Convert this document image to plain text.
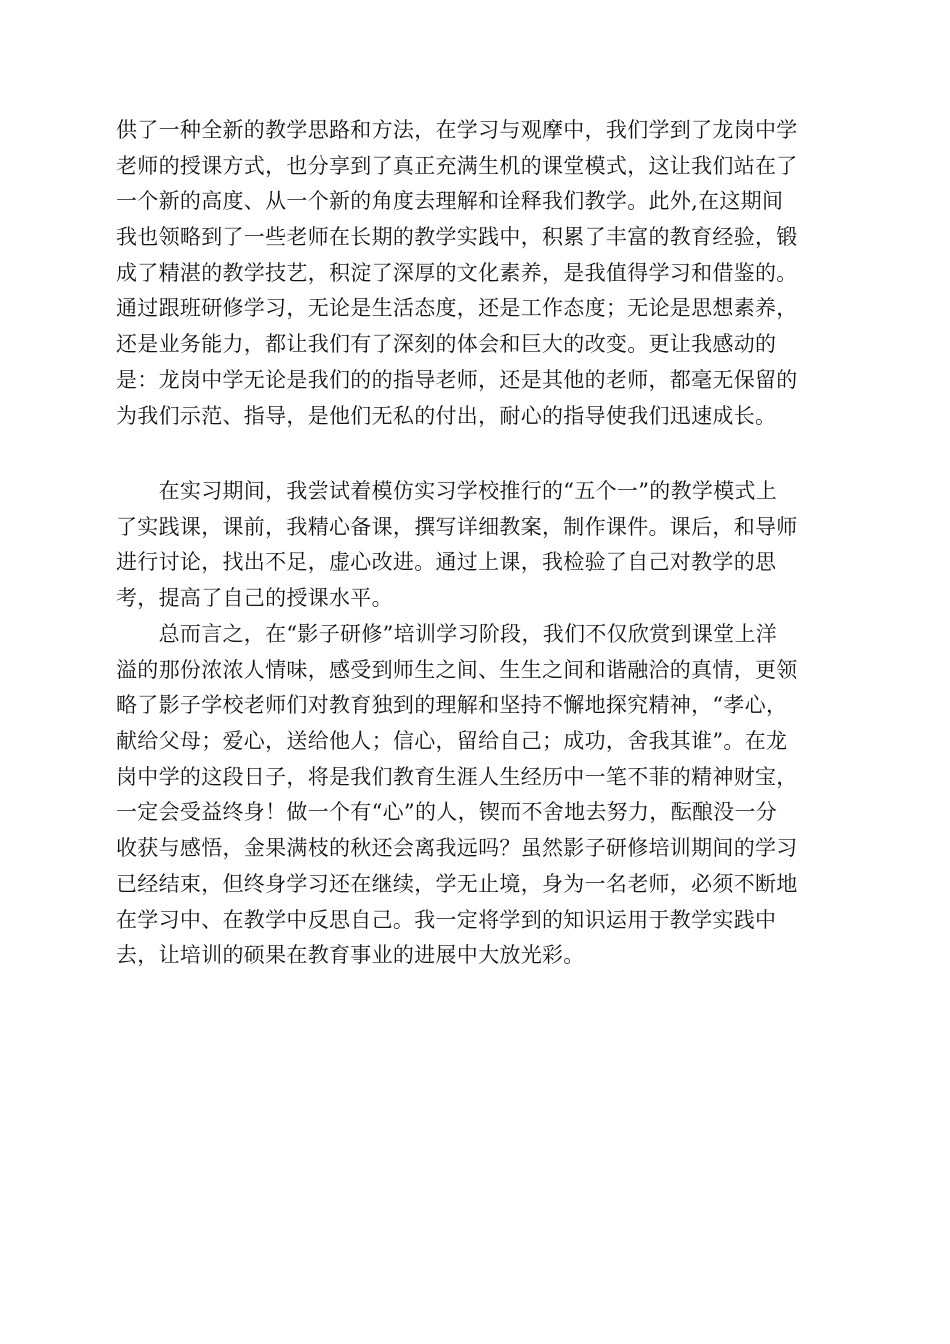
供了一种全新的教学思路和方法，在学习与观摩中，我们学到了龙岗中学
老师的授课方式，也分享到了真正充满生机的课堂模式，这让我们站在了
一个新的高度、从一个新的角度去理解和诠释我们教学。此外,在这期间
我也领略到了一些老师在长期的教学实践中，积累了丰富的教育经验，锻
成了精湛的教学技艺，积淀了深厚的文化素养，是我值得学习和借鉴的。
通过跟班研修学习，无论是生活态度，还是工作态度；无论是思想素养，
还是业务能力，都让我们有了深刻的体会和巨大的改变。更让我感动的
是：龙岗中学无论是我们的的指导老师，还是其他的老师，都毫无保留的
为我们示范、指导，是他们无私的付出，耐心的指导使我们迅速成长。
　　在实习期间，我尝试着模仿实习学校推行的“五个一”的教学模式上
了实践课，课前，我精心备课，撰写详细教案，制作课件。课后，和导师
进行讨论，找出不足，虚心改进。通过上课，我检验了自己对教学的思
考，提高了自己的授课水平。
　　总而言之，在“影子研修”培训学习阶段，我们不仅欣赏到课堂上洋
溢的那份浓浓人情味，感受到师生之间、生生之间和谐融洽的真情，更领
略了影子学校老师们对教育独到的理解和坚持不懈地探究精神，“孝心，
献给父母；爱心，送给他人；信心，留给自己；成功，舍我其谁”。在龙
岗中学的这段日子，将是我们教育生涯人生经历中一笔不菲的精神财宝，
一定会受益终身！做一个有“心”的人，锲而不舍地去努力，酝酿没一分
收获与感悟，金果满枝的秋还会离我远吗？虽然影子研修培训期间的学习
已经结束，但终身学习还在继续，学无止境，身为一名老师，必须不断地
在学习中、在教学中反思自己。我一定将学到的知识运用于教学实践中
去，让培训的硕果在教育事业的进展中大放光彩。
